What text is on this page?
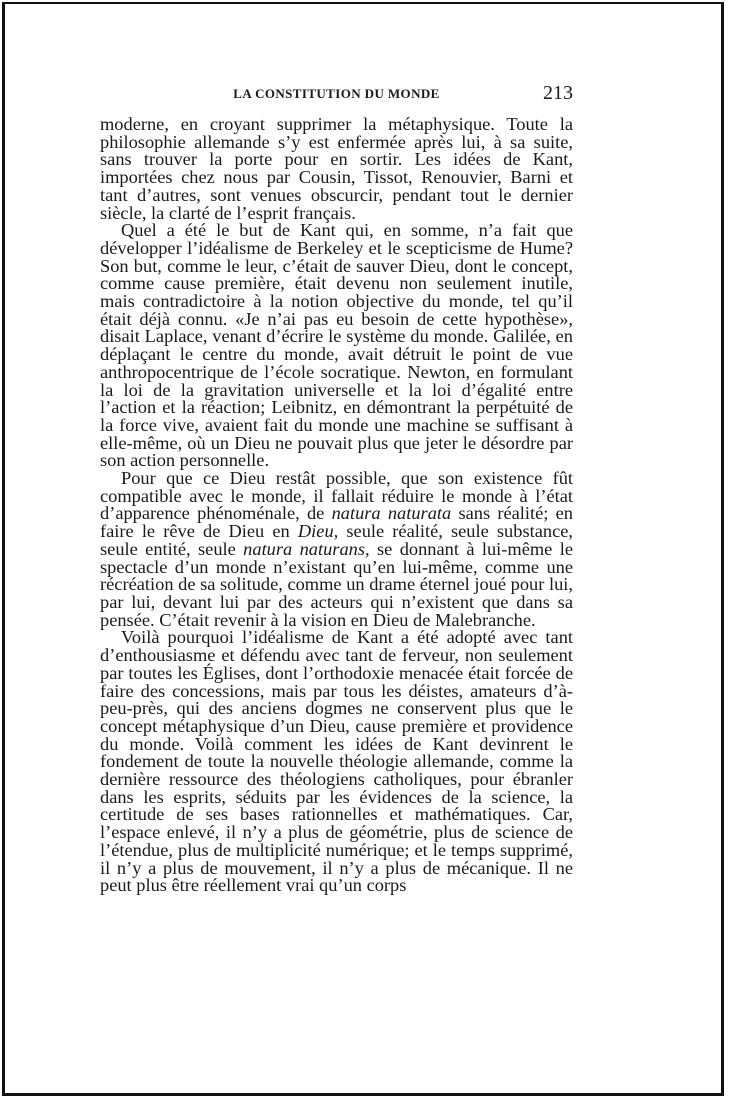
LA CONSTITUTION DU MONDE	213

moderne, en croyant supprimer la métaphysique. Toute la philosophie allemande s’y est enfermée après lui, à sa suite, sans trouver la porte pour en sortir. Les idées de Kant, importées chez nous par Cousin, Tissot, Renouvier, Barni et tant d’autres, sont venues obscurcir, pendant tout le dernier siècle, la clarté de l’esprit français.

Quel a été le but de Kant qui, en somme, n’a fait que développer l’idéalisme de Berkeley et le scepticisme de Hume? Son but, comme le leur, c’était de sauver Dieu, dont le concept, comme cause première, était devenu non seulement inutile, mais contradictoire à la notion objective du monde, tel qu’il était déjà connu. «Je n’ai pas eu besoin de cette hypothèse», disait Laplace, venant d’écrire le système du monde. Galilée, en déplaçant le centre du monde, avait détruit le point de vue anthropocentrique de l’école socratique. Newton, en formulant la loi de la gravitation universelle et la loi d’égalité entre l’action et la réaction; Leibnitz, en démontrant la perpétuité de la force vive, avaient fait du monde une machine se suffisant à elle-même, où un Dieu ne pouvait plus que jeter le désordre par son action personnelle.

Pour que ce Dieu restât possible, que son existence fût compatible avec le monde, il fallait réduire le monde à l’état d’apparence phénoménale, de natura naturata sans réalité; en faire le rêve de Dieu en Dieu, seule réalité, seule substance, seule entité, seule natura naturans, se donnant à lui-même le spectacle d’un monde n’existant qu’en lui-même, comme une récréation de sa solitude, comme un drame éternel joué pour lui, par lui, devant lui par des acteurs qui n’existent que dans sa pensée. C’était revenir à la vision en Dieu de Malebranche.

Voilà pourquoi l’idéalisme de Kant a été adopté avec tant d’enthousiasme et défendu avec tant de ferveur, non seulement par toutes les Églises, dont l’orthodoxie menacée était forcée de faire des concessions, mais par tous les déistes, amateurs d’à-peu-près, qui des anciens dogmes ne conservent plus que le concept métaphysique d’un Dieu, cause première et providence du monde. Voilà comment les idées de Kant devinrent le fondement de toute la nouvelle théologie allemande, comme la dernière ressource des théologiens catholiques, pour ébranler dans les esprits, séduits par les évidences de la science, la certitude de ses bases rationnelles et mathématiques. Car, l’espace enlevé, il n’y a plus de géométrie, plus de science de l’étendue, plus de multiplicité numérique; et le temps supprimé, il n’y a plus de mouvement, il n’y a plus de mécanique. Il ne peut plus être réellement vrai qu’un corps
